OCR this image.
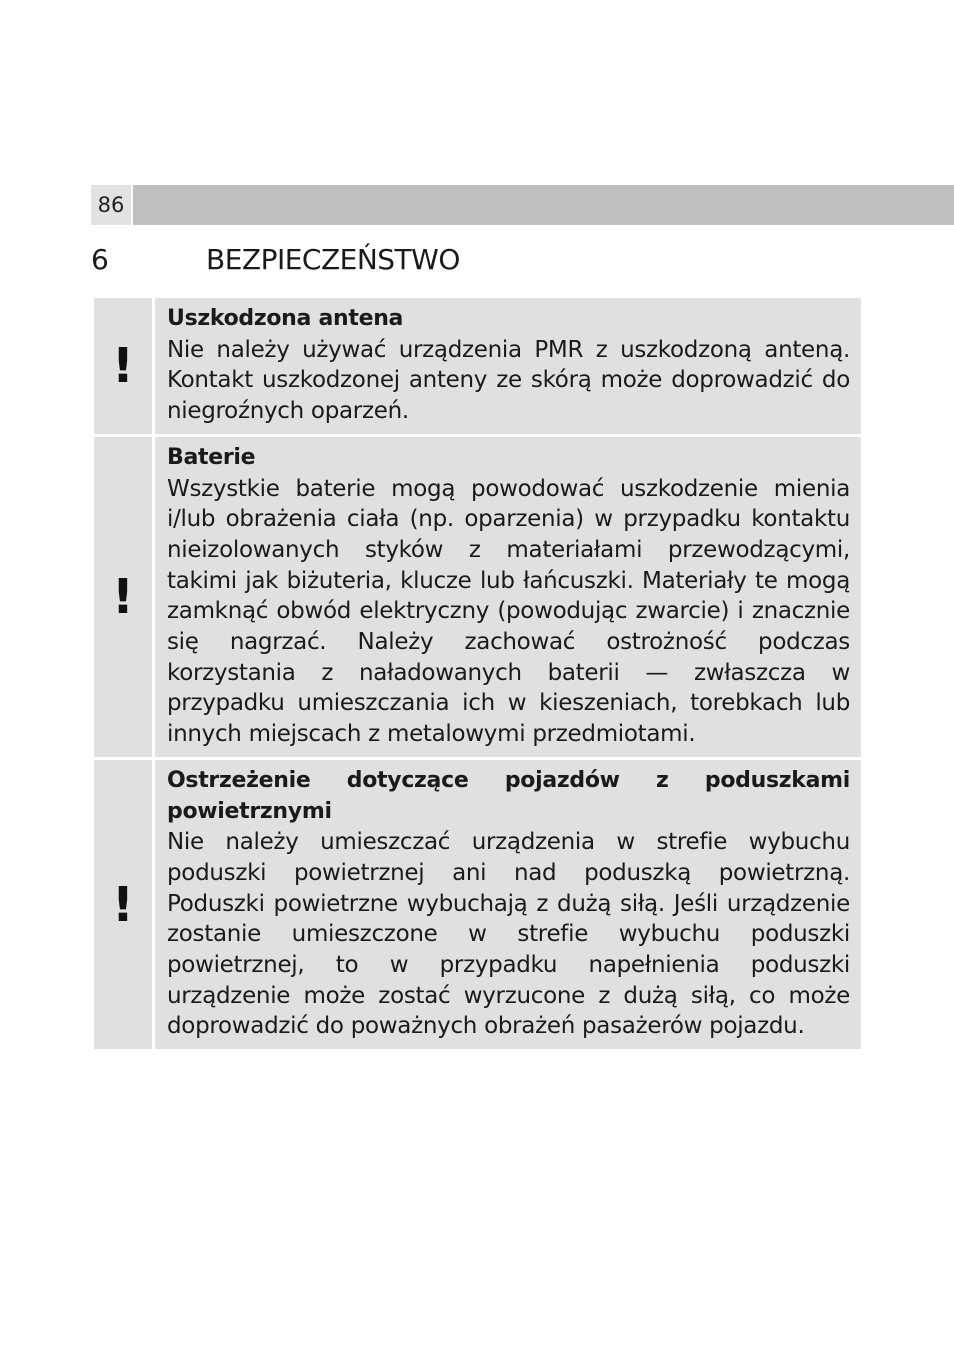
86
6	BEZPIECZEŃSTWO
!
Uszkodzona antena
Nie należy używać urządzenia PMR z uszkodzoną anteną. Kontakt uszkodzonej anteny ze skórą może doprowadzić do niegroźnych oparzeń.
!
Baterie
Wszystkie baterie mogą powodować uszkodzenie mienia i/lub obrażenia ciała (np. oparzenia) w przypadku kontaktu nieizolowanych styków z materiałami przewodzącymi, takimi jak biżuteria, klucze lub łańcuszki. Materiały te mogą zamknąć obwód elektryczny (powodując zwarcie) i znacznie się nagrzać. Należy zachować ostrożność podczas korzystania z naładowanych baterii — zwłaszcza w przypadku umieszczania ich w kieszeniach, torebkach lub innych miejscach z metalowymi przedmiotami.
!
Ostrzeżenie dotyczące pojazdów z poduszkami powietrznymi
Nie należy umieszczać urządzenia w strefie wybuchu poduszki powietrznej ani nad poduszką powietrzną. Poduszki powietrzne wybuchają z dużą siłą. Jeśli urządzenie zostanie umieszczone w strefie wybuchu poduszki powietrznej, to w przypadku napełnienia poduszki urządzenie może zostać wyrzucone z dużą siłą, co może doprowadzić do poważnych obrażeń pasażerów pojazdu.
